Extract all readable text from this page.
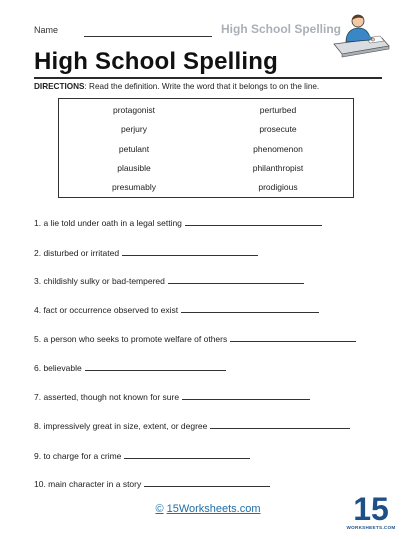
Name	High School Spelling
High School Spelling
DIRECTIONS: Read the definition. Write the word that it belongs to on the line.
protagonist	perturbed
perjury	prosecute
petulant	phenomenon
plausible	philanthropist
presumably	prodigious
1. a lie told under oath in a legal setting
2. disturbed or irritated
3. childishly sulky or bad-tempered
4. fact or occurrence observed to exist
5. a person who seeks to promote welfare of others
6. believable
7. asserted, though not known for sure
8. impressively great in size, extent, or degree
9. to charge for a crime
10. main character in a story
© 15Worksheets.com	15
WORKSHEETS.COM
